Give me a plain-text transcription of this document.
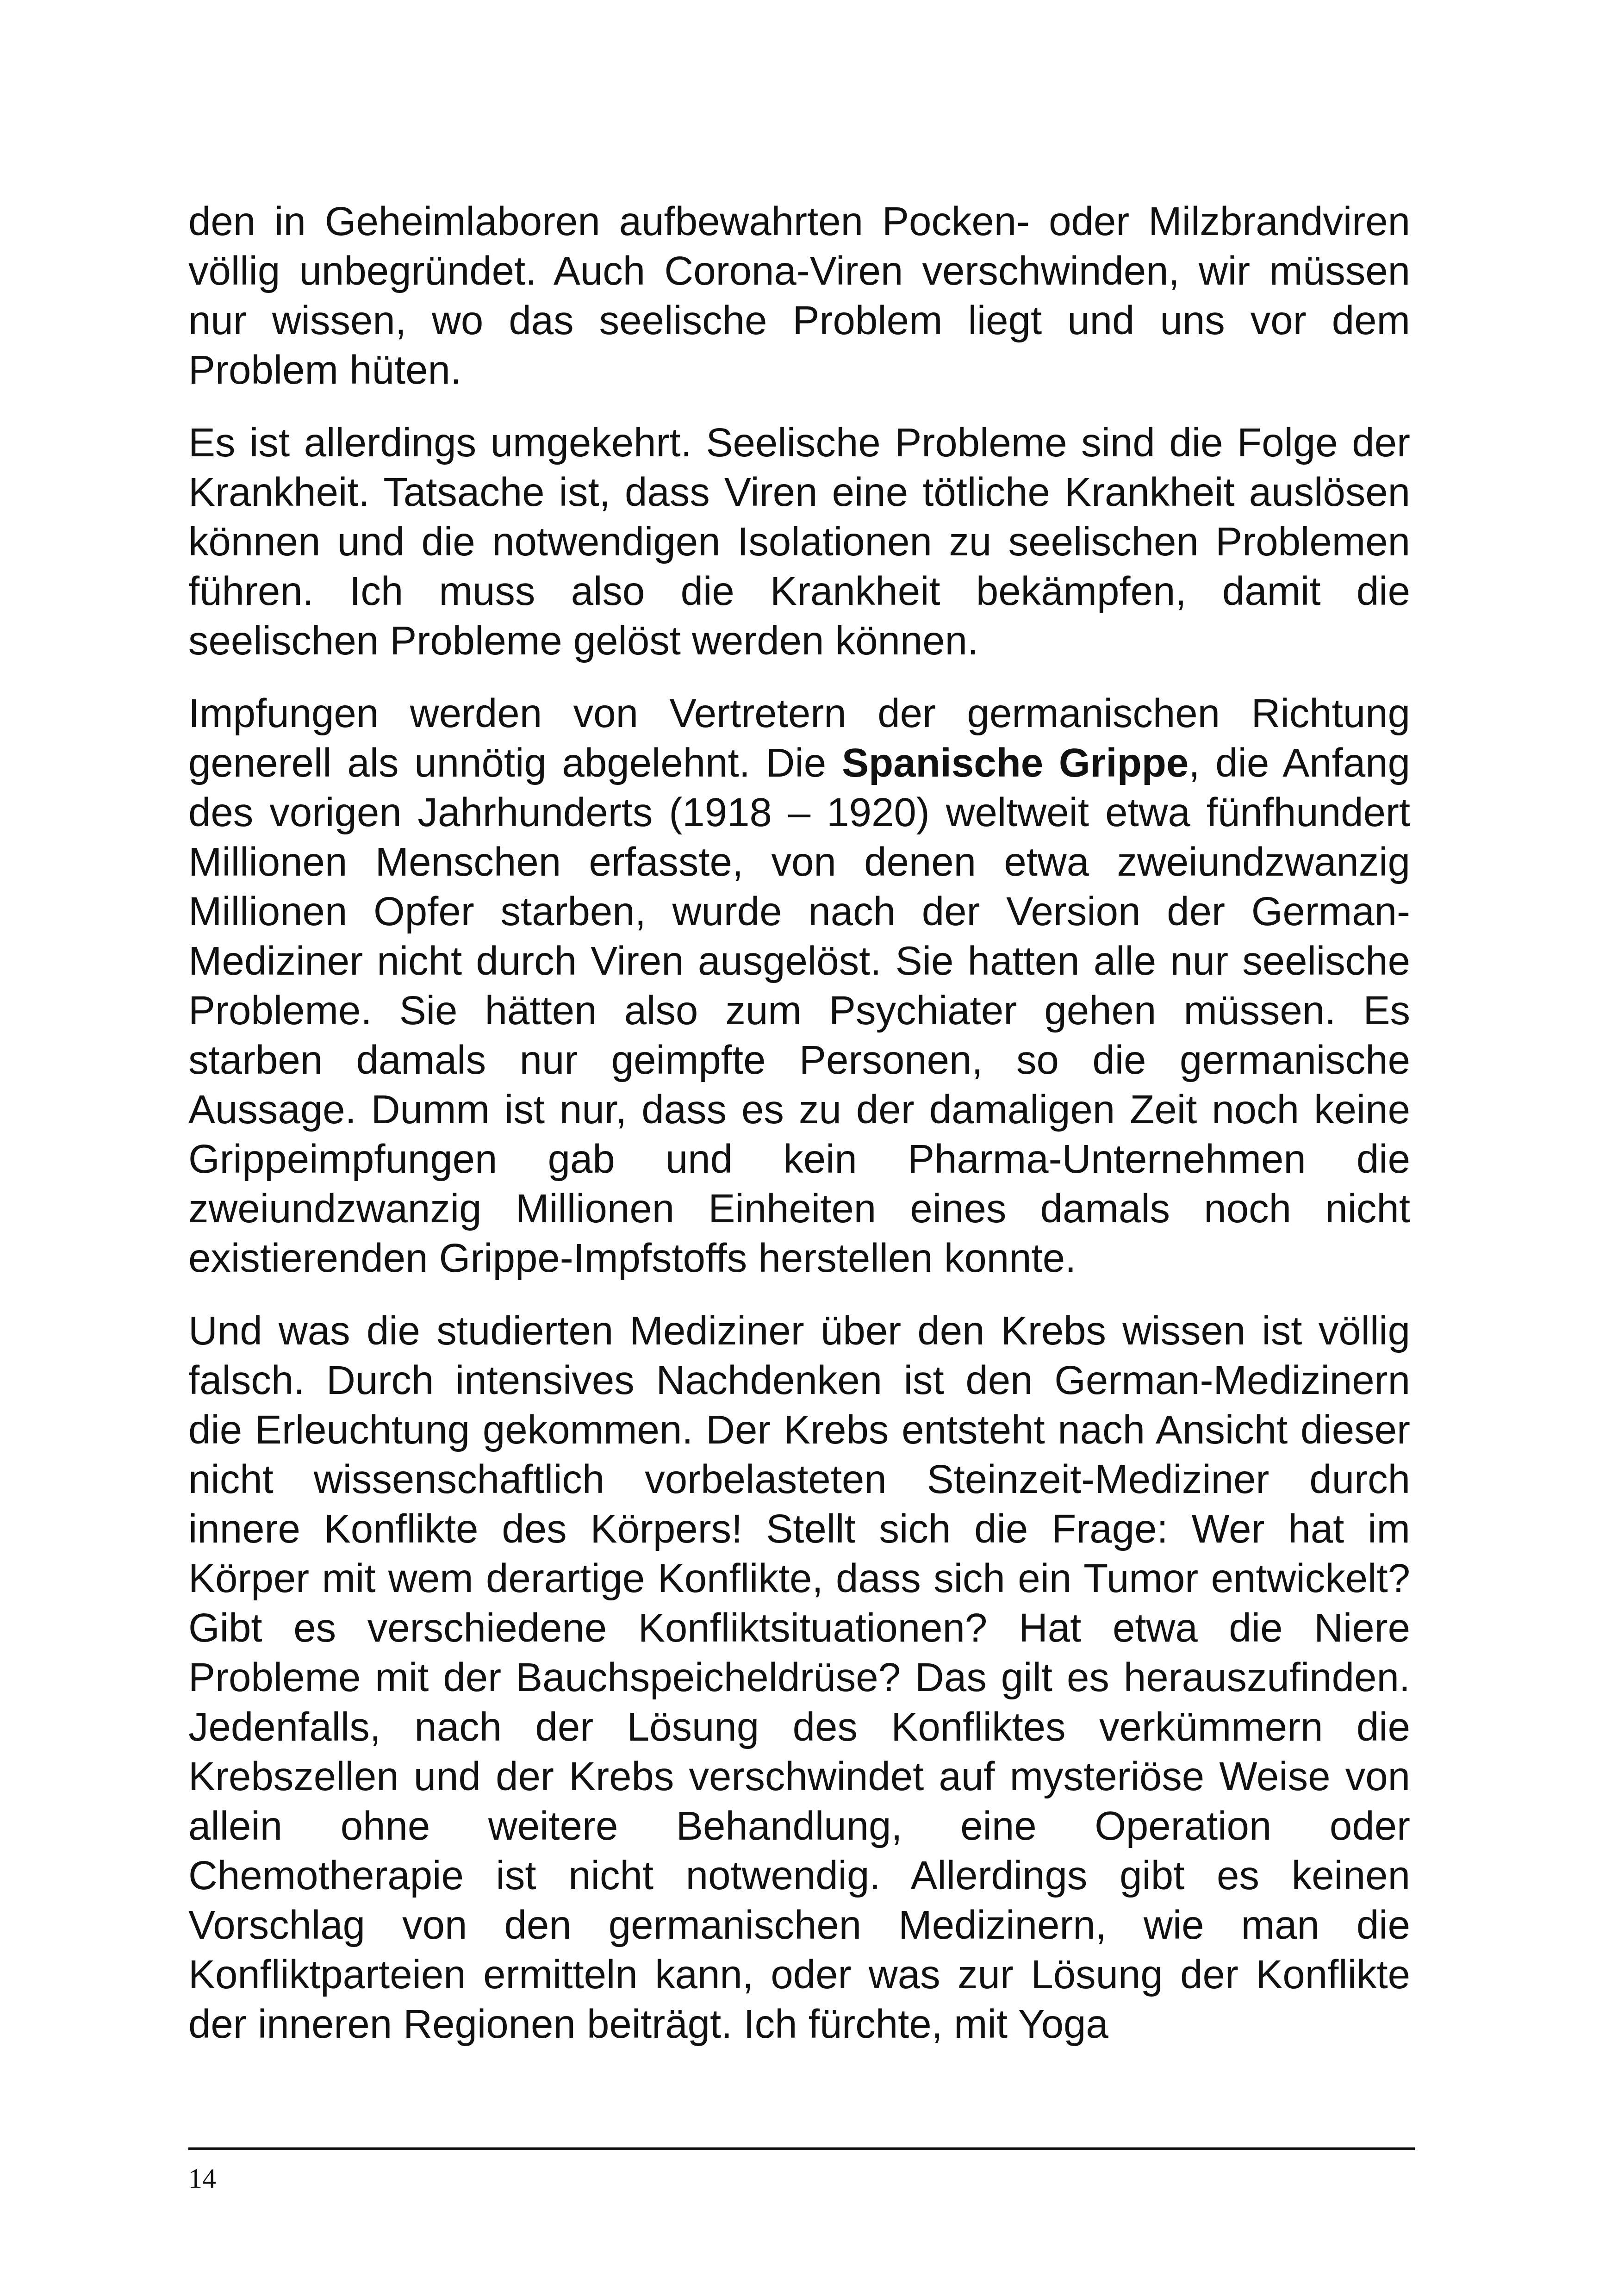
den in Geheimlaboren aufbewahrten Pocken- oder Milzbrandviren völlig unbegründet. Auch Corona-Viren verschwinden, wir müssen nur wissen, wo das seelische Problem liegt und uns vor dem Problem hüten.

Es ist allerdings umgekehrt. Seelische Probleme sind die Folge der Krankheit. Tatsache ist, dass Viren eine tötliche Krankheit auslösen können und die notwendigen Isolationen zu seelischen Problemen führen. Ich muss also die Krankheit bekämpfen, damit die seelischen Probleme gelöst werden können.

Impfungen werden von Vertretern der germanischen Richtung generell als unnötig abgelehnt. Die Spanische Grippe, die Anfang des vorigen Jahrhunderts (1918 – 1920) weltweit etwa fünfhundert Millionen Menschen erfasste, von denen etwa zweiundzwanzig Millionen Opfer starben, wurde nach der Version der German-Mediziner nicht durch Viren ausgelöst. Sie hatten alle nur seelische Probleme. Sie hätten also zum Psychiater gehen müssen. Es starben damals nur geimpfte Personen, so die germanische Aussage. Dumm ist nur, dass es zu der damaligen Zeit noch keine Grippeimpfungen gab und kein Pharma-Unternehmen die zweiundzwanzig Millionen Einheiten eines damals noch nicht existierenden Grippe-Impfstoffs herstellen konnte.

Und was die studierten Mediziner über den Krebs wissen ist völlig falsch. Durch intensives Nachdenken ist den German-Medizinern die Erleuchtung gekommen. Der Krebs entsteht nach Ansicht dieser nicht wissenschaftlich vorbelasteten Steinzeit-Mediziner durch innere Konflikte des Körpers! Stellt sich die Frage: Wer hat im Körper mit wem derartige Konflikte, dass sich ein Tumor entwickelt? Gibt es verschiedene Konfliktsituationen? Hat etwa die Niere Probleme mit der Bauchspeicheldrüse? Das gilt es herauszufinden. Jedenfalls, nach der Lösung des Konfliktes verkümmern die Krebszellen und der Krebs verschwindet auf mysteriöse Weise von allein ohne weitere Behandlung, eine Operation oder Chemotherapie ist nicht notwendig. Allerdings gibt es keinen Vorschlag von den germanischen Medizinern, wie man die Konfliktparteien ermitteln kann, oder was zur Lösung der Konflikte der inneren Regionen beiträgt. Ich fürchte, mit Yoga

14
